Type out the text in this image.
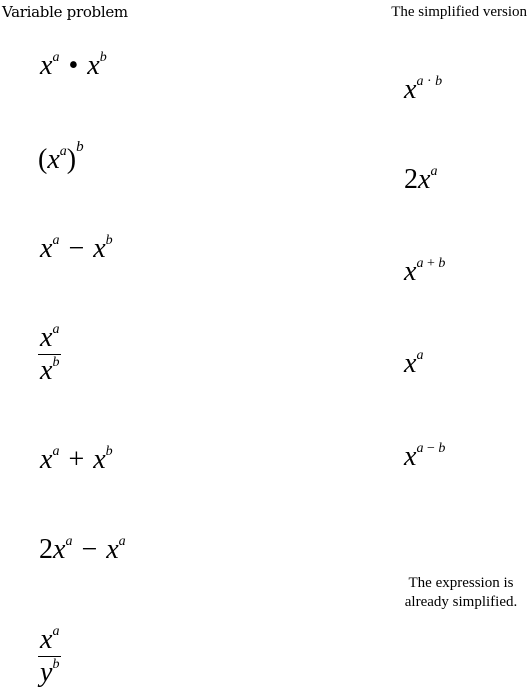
Variable problem	The simplified version
$x^a$ • $x^b$
$(x^a)^b$
$x^a - x^b$
$x^a$
$x^b$
$x^a + x^b$
$2x^a - x^a$
$x^a$
$y^b$
$x^{a \cdot b}$
$2x^a$
$x^{a + b}$
$x^a$
$x^{a - b}$
The expression is
already simplified.
